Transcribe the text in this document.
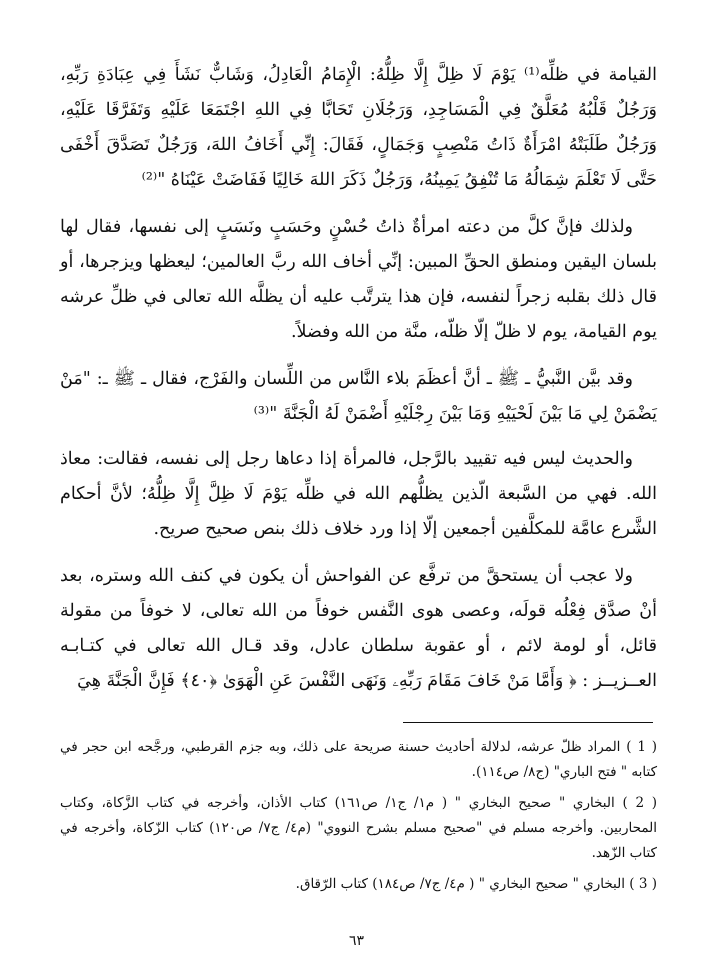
القيامة في ظلِّه⁽¹⁾ يَوْمَ لَا ظِلَّ إِلَّا ظِلُّهُ: الْإِمَامُ الْعَادِلُ، وَشَابٌّ نَشَأَ فِي عِبَادَةِ رَبِّهِ، وَرَجُلٌ قَلْبُهُ مُعَلَّقٌ فِي الْمَسَاجِدِ، وَرَجُلَانِ تَحَابَّا فِي اللهِ اجْتَمَعَا عَلَيْهِ وَتَفَرَّقَا عَلَيْهِ، وَرَجُلٌ طَلَبَتْهُ امْرَأَةٌ ذَاتُ مَنْصِبٍ وَجَمَالٍ، فَقَالَ: إِنِّي أَخَافُ اللهَ، وَرَجُلٌ تَصَدَّقَ أَخْفَى حَتَّى لَا تَعْلَمَ شِمَالُهُ مَا تُنْفِقُ يَمِينُهُ، وَرَجُلٌ ذَكَرَ اللهَ خَالِيًا فَفَاضَتْ عَيْنَاهُ "⁽²⁾

ولذلك فإنَّ كلَّ من دعته امرأةٌ ذاتُ حُسْنٍ وحَسَبٍ ونَسَبٍ إلى نفسها، فقال لها بلسان اليقين ومنطق الحقِّ المبين: إنِّي أخاف الله ربَّ العالمين؛ ليعظها ويزجرها، أو قال ذلك بقلبه زجراً لنفسه، فإن هذا يترتَّب عليه أن يظلَّه الله تعالى في ظلِّ عرشه يوم القيامة، يوم لا ظلّ إلّا ظلّه، منَّة من الله وفضلاً.

وقد بيَّن النَّبيُّ ـ ﷺ ـ أنَّ أعظَمَ بلاء النَّاس من اللِّسان والفَرْج، فقال ـ ﷺ ـ: "مَنْ يَضْمَنْ لِي مَا بَيْنَ لَحْيَيْهِ وَمَا بَيْنَ رِجْلَيْهِ أَضْمَنْ لَهُ الْجَنَّةَ "⁽³⁾

والحديث ليس فيه تقييد بالرَّجل، فالمرأة إذا دعاها رجل إلى نفسه، فقالت: معاذ الله. فهي من السَّبعة الّذين يظلُّهم الله في ظلِّه يَوْمَ لَا ظِلَّ إِلَّا ظِلُّهُ؛ لأنَّ أحكام الشَّرع عامَّة للمكلَّفين أجمعين إلّا إذا ورد خلاف ذلك بنص صحيح صريح.

ولا عجب أن يستحقَّ من ترفَّع عن الفواحش أن يكون في كنف الله وستره، بعد أنْ صدَّق فِعْلُه قولَه، وعصى هوى النَّفس خوفاً من الله تعالى، لا خوفاً من مقولة قائل، أو لومة لائم ، أو عقوبة سلطان عادل، وقد قـال الله تعالى في كتـابـه العــزيــز : ﴿ وَأَمَّا مَنْ خَافَ مَقَامَ رَبِّهِۦ وَنَهَى النَّفْسَ عَنِ الْهَوَىٰ ﴿٤٠﴾ فَإِنَّ الْجَنَّةَ هِيَ

( 1 ) المراد ظلّ عرشه، لدلالة أحاديث حسنة صريحة على ذلك، وبه جزم القرطبي، ورجَّحه ابن حجر في كتابه " فتح الباري" (ج٨/ ص١١٤).

( 2 ) البخاري " صحيح البخاري " ( م١/ ج١/ ص١٦١) كتاب الأذان، وأخرجه في كتاب الزَّكاة، وكتاب المحاربين. وأخرجه مسلم في "صحيح مسلم بشرح النووي" (م٤/ ج٧/ ص١٢٠) كتاب الزّكاة، وأخرجه في كتاب الزّهد.

( 3 ) البخاري " صحيح البخاري " ( م٤/ ج٧/ ص١٨٤) كتاب الرّقاق.

٦٣
